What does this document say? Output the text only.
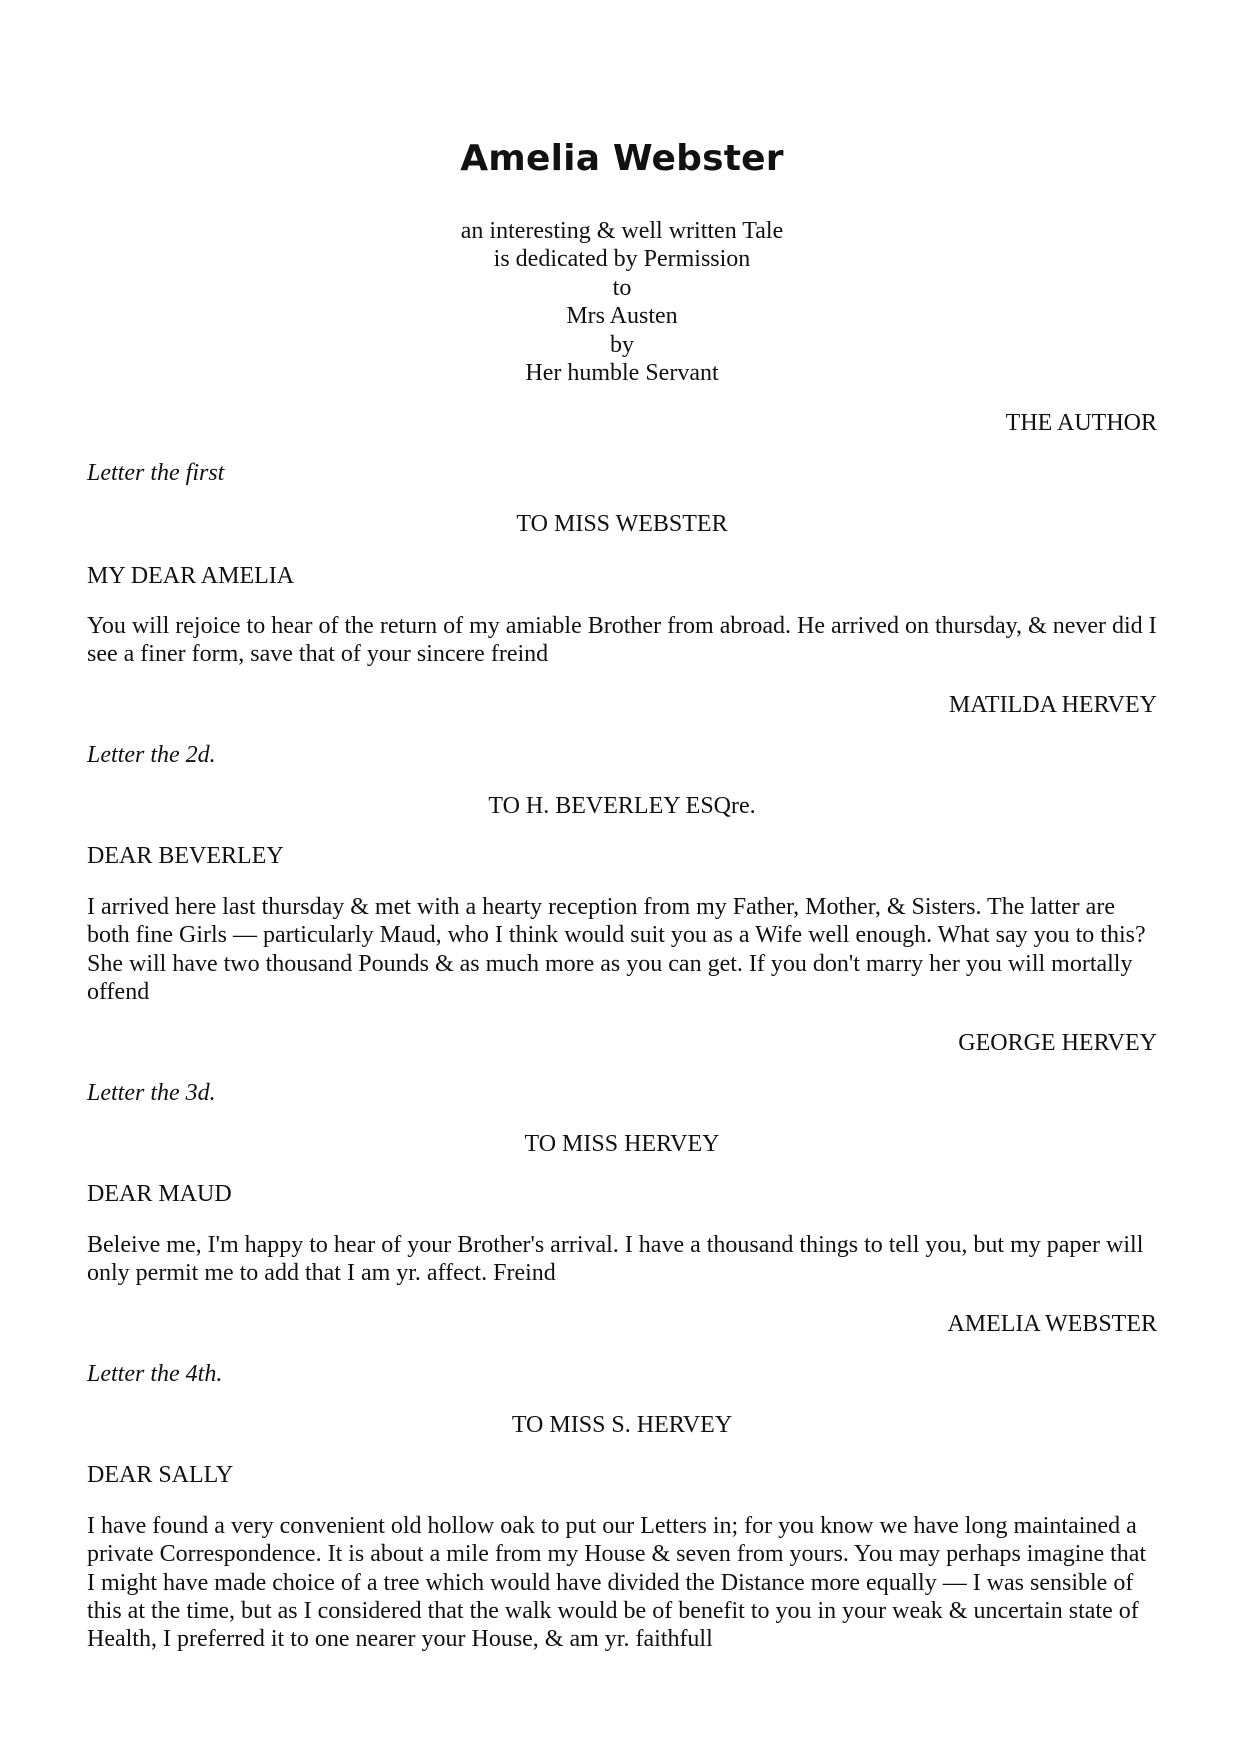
Amelia Webster
an interesting & well written Tale
is dedicated by Permission
to
Mrs Austen
by
Her humble Servant
THE AUTHOR
Letter the first
TO MISS WEBSTER
MY DEAR AMELIA
You will rejoice to hear of the return of my amiable Brother from abroad. He arrived on thursday, & never did I see a finer form, save that of your sincere freind
MATILDA HERVEY
Letter the 2d.
TO H. BEVERLEY ESQre.
DEAR BEVERLEY
I arrived here last thursday & met with a hearty reception from my Father, Mother, & Sisters. The latter are both fine Girls — particularly Maud, who I think would suit you as a Wife well enough. What say you to this? She will have two thousand Pounds & as much more as you can get. If you don't marry her you will mortally offend
GEORGE HERVEY
Letter the 3d.
TO MISS HERVEY
DEAR MAUD
Beleive me, I'm happy to hear of your Brother's arrival. I have a thousand things to tell you, but my paper will only permit me to add that I am yr. affect. Freind
AMELIA WEBSTER
Letter the 4th.
TO MISS S. HERVEY
DEAR SALLY
I have found a very convenient old hollow oak to put our Letters in; for you know we have long maintained a private Correspondence. It is about a mile from my House & seven from yours. You may perhaps imagine that I might have made choice of a tree which would have divided the Distance more equally — I was sensible of this at the time, but as I considered that the walk would be of benefit to you in your weak & uncertain state of Health, I preferred it to one nearer your House, & am yr. faithfull
